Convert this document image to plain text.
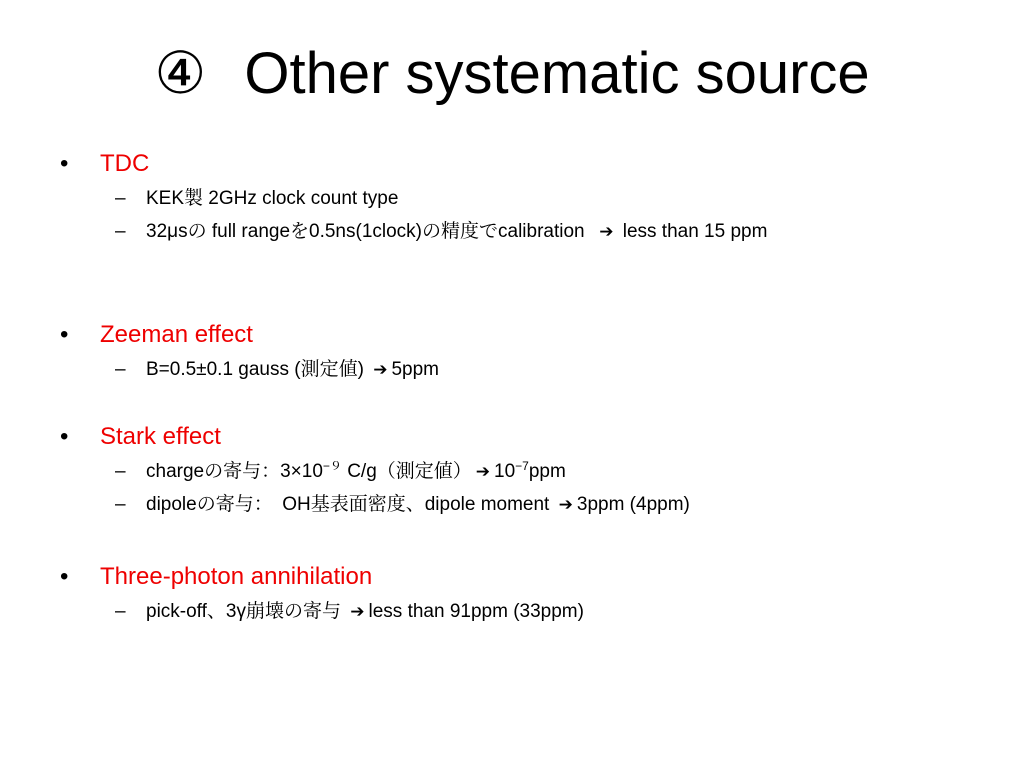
④ Other systematic source
• TDC
– KEK製 2GHz clock count type
– 32μsの full rangeを0.5ns(1clock)の精度でcalibration ➔ less than 15 ppm
• Zeeman effect
– B=0.5±0.1 gauss (測定値) ➔ 5ppm
• Stark effect
– chargeの寄与：$3\times 10^{-9}$ C/g（測定値） ➔ $10^{-7}ppm$
– dipoleの寄与：　OH基表面密度、dipole moment ➔ 3ppm (4ppm)
• Three-photon annihilation
– pick-off、3γ崩壊の寄与 ➔ less than 91ppm (33ppm)
